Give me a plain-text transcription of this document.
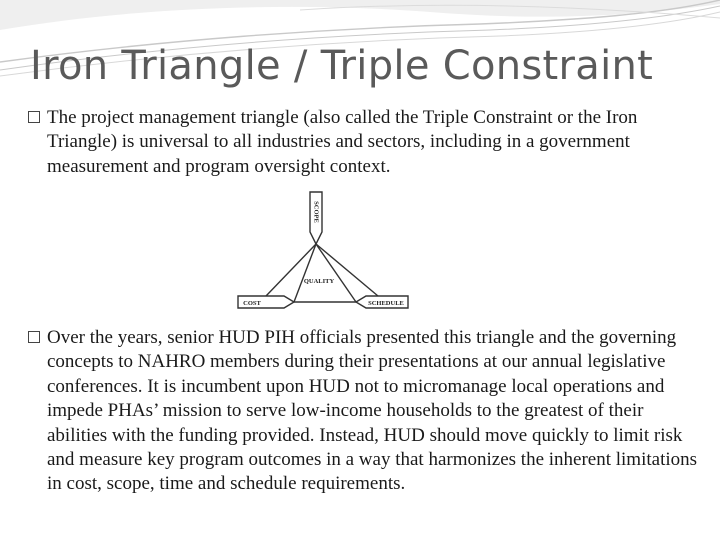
Iron Triangle / Triple Constraint
The project management triangle (also called the Triple Constraint or the Iron Triangle) is universal to all industries and sectors, including in a government measurement and program oversight context.
SCOPE
QUALITY
COST	SCHEDULE
Over the years, senior HUD PIH officials presented this triangle and the governing concepts to NAHRO members during their presentations at our annual legislative conferences. It is incumbent upon HUD not to micromanage local operations and impede PHAs’ mission to serve low-income households to the greatest of their abilities with the funding provided. Instead, HUD should move quickly to limit risk and measure key program outcomes in a way that harmonizes the inherent limitations in cost, scope, time and schedule requirements.
